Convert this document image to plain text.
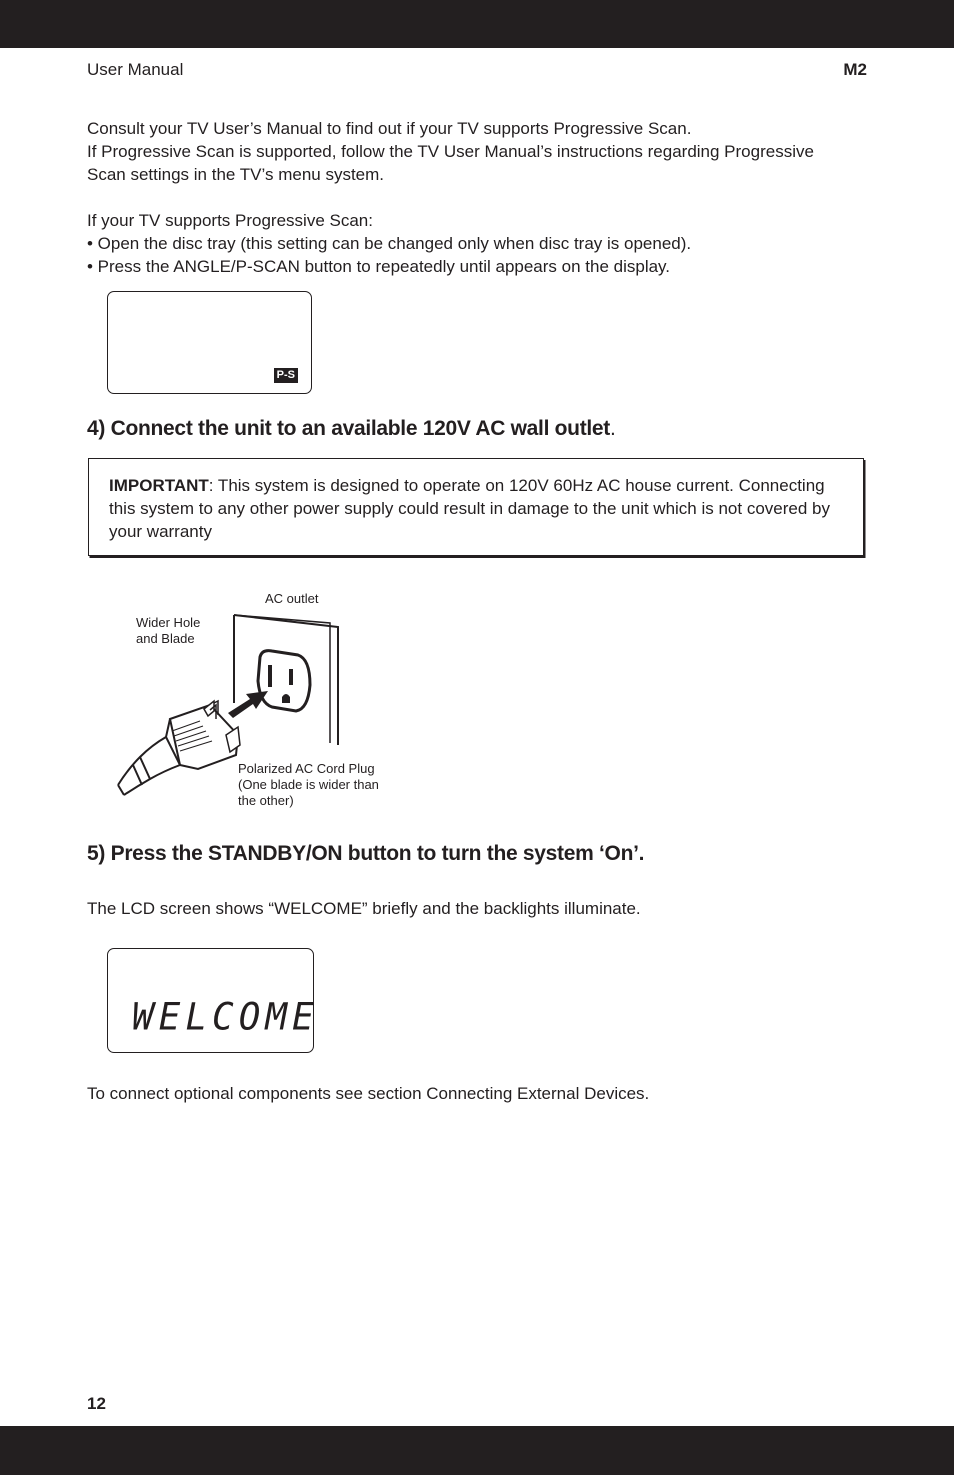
User Manual	M2
Consult your TV User’s Manual to find out if your TV supports Progressive Scan.
If Progressive Scan is supported, follow the TV User Manual’s instructions regarding Progressive
Scan settings in the TV’s menu system.
If your TV supports Progressive Scan:
• Open the disc tray (this setting can be changed only when disc tray is opened).
• Press the ANGLE/P-SCAN button to repeatedly until appears on the display.
P-S
4) Connect the unit to an available 120V AC wall outlet.
IMPORTANT: This system is designed to operate on 120V 60Hz AC house current. Connecting this system to any other power supply could result in damage to the unit which is not covered by your warranty
AC outlet
Wider Hole
and Blade
Polarized AC Cord Plug
(One blade is wider than
the other)
5) Press the STANDBY/ON button to turn the system ‘On’.
The LCD screen shows “WELCOME” briefly and the backlights illuminate.
WELCOME
To connect optional components see section Connecting External Devices.
12
